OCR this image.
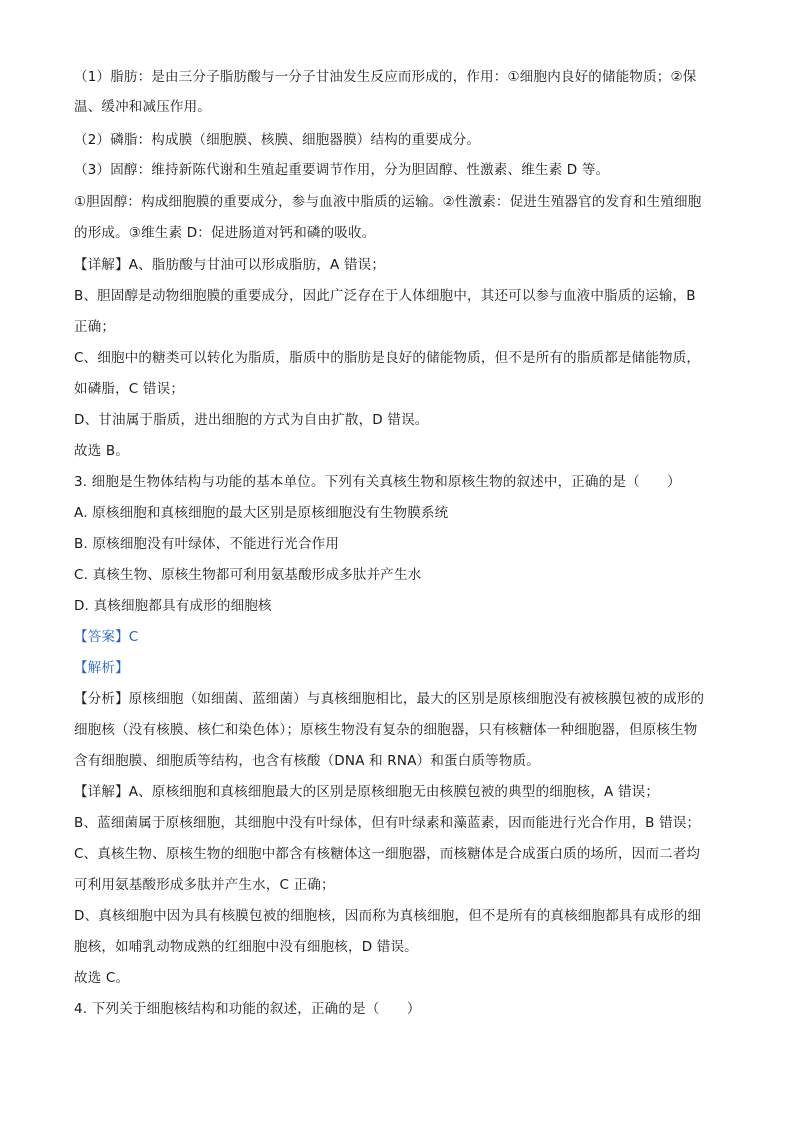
（1）脂肪：是由三分子脂肪酸与一分子甘油发生反应而形成的，作用：①细胞内良好的储能物质；②保
温、缓冲和减压作用。
（2）磷脂：构成膜（细胞膜、核膜、细胞器膜）结构的重要成分。
（3）固醇：维持新陈代谢和生殖起重要调节作用，分为胆固醇、性激素、维生素 D 等。
①胆固醇：构成细胞膜的重要成分，参与血液中脂质的运输。②性激素：促进生殖器官的发育和生殖细胞
的形成。③维生素 D：促进肠道对钙和磷的吸收。
【详解】A、脂肪酸与甘油可以形成脂肪，A 错误；
B、胆固醇是动物细胞膜的重要成分，因此广泛存在于人体细胞中，其还可以参与血液中脂质的运输，B
正确；
C、细胞中的糖类可以转化为脂质，脂质中的脂肪是良好的储能物质，但不是所有的脂质都是储能物质，
如磷脂，C 错误；
D、甘油属于脂质，进出细胞的方式为自由扩散，D 错误。
故选 B。
3. 细胞是生物体结构与功能的基本单位。下列有关真核生物和原核生物的叙述中，正确的是（　　）
A. 原核细胞和真核细胞的最大区别是原核细胞没有生物膜系统
B. 原核细胞没有叶绿体，不能进行光合作用
C. 真核生物、原核生物都可利用氨基酸形成多肽并产生水
D. 真核细胞都具有成形的细胞核
【答案】C
【解析】
【分析】原核细胞（如细菌、蓝细菌）与真核细胞相比，最大的区别是原核细胞没有被核膜包被的成形的
细胞核（没有核膜、核仁和染色体）；原核生物没有复杂的细胞器，只有核糖体一种细胞器，但原核生物
含有细胞膜、细胞质等结构，也含有核酸（DNA 和 RNA）和蛋白质等物质。
【详解】A、原核细胞和真核细胞最大的区别是原核细胞无由核膜包被的典型的细胞核，A 错误；
B、蓝细菌属于原核细胞，其细胞中没有叶绿体，但有叶绿素和藻蓝素，因而能进行光合作用，B 错误；
C、真核生物、原核生物的细胞中都含有核糖体这一细胞器，而核糖体是合成蛋白质的场所，因而二者均
可利用氨基酸形成多肽并产生水，C 正确；
D、真核细胞中因为具有核膜包被的细胞核，因而称为真核细胞，但不是所有的真核细胞都具有成形的细
胞核，如哺乳动物成熟的红细胞中没有细胞核，D 错误。
故选 C。
4. 下列关于细胞核结构和功能的叙述，正确的是（　　）
